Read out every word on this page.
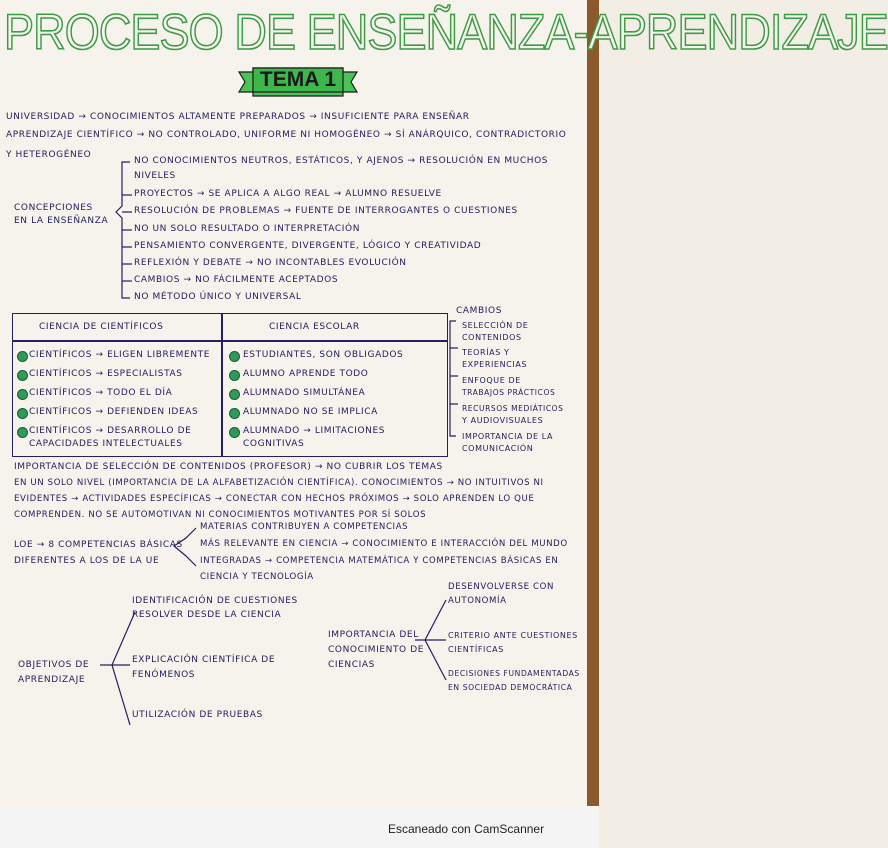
PROCESO DE ENSEÑANZA-APRENDIZAJE
TEMA 1
UNIVERSIDAD → CONOCIMIENTOS ALTAMENTE PREPARADOS → INSUFICIENTE PARA ENSEÑAR
APRENDIZAJE CIENTÍFICO → NO CONTROLADO, UNIFORME NI HOMOGÉNEO → SÍ ANÁRQUICO, CONTRADICTORIO
Y HETEROGÉNEO
CONCEPCIONES
EN LA ENSEÑANZA
NO CONOCIMIENTOS NEUTROS, ESTÁTICOS, Y AJENOS → RESOLUCIÓN EN MUCHOS
NIVELES
PROYECTOS → SE APLICA A ALGO REAL → ALUMNO RESUELVE
RESOLUCIÓN DE PROBLEMAS → FUENTE DE INTERROGANTES O CUESTIONES
NO UN SOLO RESULTADO O INTERPRETACIÓN
PENSAMIENTO CONVERGENTE, DIVERGENTE, LÓGICO Y CREATIVIDAD
REFLEXIÓN Y DEBATE → NO INCONTABLES EVOLUCIÓN
CAMBIOS → NO FÁCILMENTE ACEPTADOS
NO MÉTODO ÚNICO Y UNIVERSAL
CIENCIA DE CIENTÍFICOS	CIENCIA ESCOLAR
CIENTÍFICOS → ELIGEN LIBREMENTE
CIENTÍFICOS → ESPECIALISTAS
CIENTÍFICOS → TODO EL DÍA
CIENTÍFICOS → DEFIENDEN IDEAS
CIENTÍFICOS → DESARROLLO DE
CAPACIDADES INTELECTUALES
ESTUDIANTES, SON OBLIGADOS
ALUMNO APRENDE TODO
ALUMNADO SIMULTÁNEA
ALUMNADO NO SE IMPLICA
ALUMNADO → LIMITACIONES
COGNITIVAS
CAMBIOS
SELECCIÓN DE
CONTENIDOS
TEORÍAS Y
EXPERIENCIAS
ENFOQUE DE
TRABAJOS PRÁCTICOS
RECURSOS MEDIÁTICOS
Y AUDIOVISUALES
IMPORTANCIA DE LA
COMUNICACIÓN
IMPORTANCIA DE SELECCIÓN DE CONTENIDOS (PROFESOR) → NO CUBRIR LOS TEMAS
EN UN SOLO NIVEL (IMPORTANCIA DE LA ALFABETIZACIÓN CIENTÍFICA). CONOCIMIENTOS → NO INTUITIVOS NI
EVIDENTES → ACTIVIDADES ESPECÍFICAS → CONECTAR CON HECHOS PRÓXIMOS → SOLO APRENDEN LO QUE
COMPRENDEN. NO SE AUTOMOTIVAN NI CONOCIMIENTOS MOTIVANTES POR SÍ SOLOS
LOE → 8 COMPETENCIAS BÁSICAS
DIFERENTES A LOS DE LA UE
MATERIAS CONTRIBUYEN A COMPETENCIAS
MÁS RELEVANTE EN CIENCIA → CONOCIMIENTO E INTERACCIÓN DEL MUNDO
INTEGRADAS → COMPETENCIA MATEMÁTICA Y COMPETENCIAS BÁSICAS EN
CIENCIA Y TECNOLOGÍA
OBJETIVOS DE
APRENDIZAJE
IDENTIFICACIÓN DE CUESTIONES
RESOLVER DESDE LA CIENCIA
EXPLICACIÓN CIENTÍFICA DE
FENÓMENOS
UTILIZACIÓN DE PRUEBAS
IMPORTANCIA DEL
CONOCIMIENTO DE
CIENCIAS
DESENVOLVERSE CON
AUTONOMÍA
CRITERIO ANTE CUESTIONES
CIENTÍFICAS
DECISIONES FUNDAMENTADAS
EN SOCIEDAD DEMOCRÁTICA
Escaneado con CamScanner
